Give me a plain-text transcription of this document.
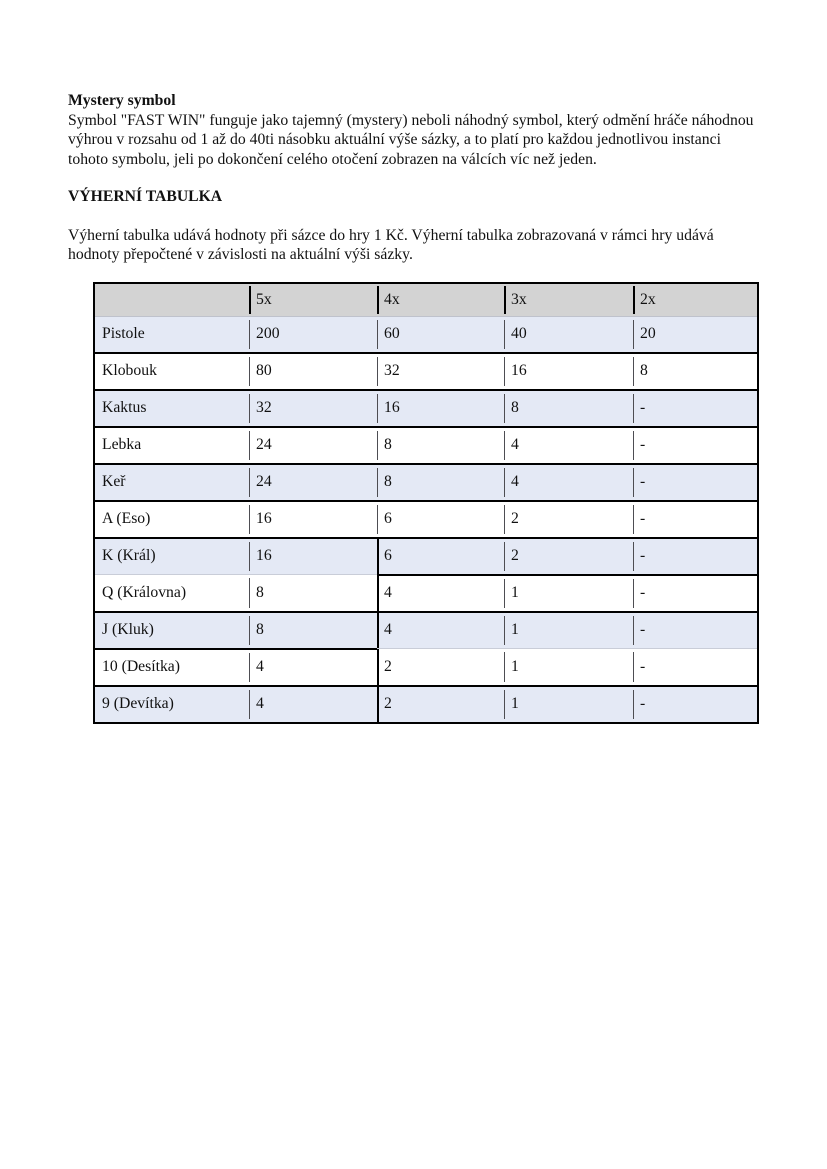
Mystery symbol

Symbol "FAST WIN" funguje jako tajemný (mystery) neboli náhodný symbol, který odmění hráče náhodnou výhrou v rozsahu od 1 až do 40ti násobku aktuální výše sázky, a to platí pro každou jednotlivou instanci tohoto symbolu, jeli po dokončení celého otočení zobrazen na válcích víc než jeden.

VÝHERNÍ TABULKA

Výherní tabulka udává hodnoty při sázce do hry 1 Kč. Výherní tabulka zobrazovaná v rámci hry udává hodnoty přepočtené v závislosti na aktuální výši sázky.

	5x	4x	3x	2x
Pistole	200	60	40	20
Klobouk	80	32	16	8
Kaktus	32	16	8	-
Lebka	24	8	4	-
Keř	24	8	4	-
A (Eso)	16	6	2	-
K (Král)	16	6	2	-
Q (Královna)	8	4	1	-
J (Kluk)	8	4	1	-
10 (Desítka)	4	2	1	-
9 (Devítka)	4	2	1	-
